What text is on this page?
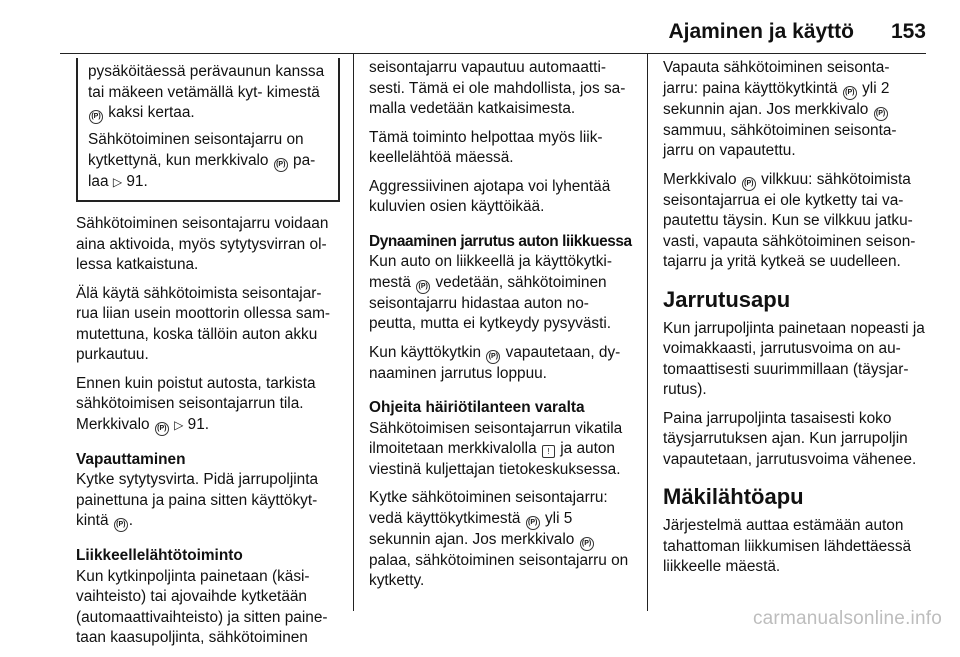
Ajaminen ja käyttö 153

pysäköitäessä perävaunun kanssa tai mäkeen vetämällä kyt- kimestä (P) kaksi kertaa.

Sähkötoiminen seisontajarru on kytkettynä, kun merkkivalo (P) pa- laa ▷ 91.

Sähkötoiminen seisontajarru voidaan aina aktivoida, myös sytytysvirran ol- lessa katkaistuna.

Älä käytä sähkötoimista seisontajar- rua liian usein moottorin ollessa sam- mutettuna, koska tällöin auton akku purkautuu.

Ennen kuin poistut autosta, tarkista sähkötoimisen seisontajarrun tila. Merkkivalo (P) ▷ 91.

Vapauttaminen

Kytke sytytysvirta. Pidä jarrupoljinta painettuna ja paina sitten käyttökyt- kintä (P) .

Liikkeellelähtötoiminto

Kun kytkinpoljinta painetaan (käsi- vaihteisto) tai ajovaihde kytketään (automaattivaihteisto) ja sitten paine- taan kaasupoljinta, sähkötoiminen

seisontajarru vapautuu automaatti- sesti. Tämä ei ole mahdollista, jos sa- malla vedetään katkaisimesta.

Tämä toiminto helpottaa myös liik- keellelähtöä mäessä.

Aggressiivinen ajotapa voi lyhentää kuluvien osien käyttöikää.

Dynaaminen jarrutus auton liikkuessa

Kun auto on liikkeellä ja käyttökytki- mestä (P) vedetään, sähkötoiminen seisontajarru hidastaa auton no- peutta, mutta ei kytkeydy pysyvästi.

Kun käyttökytkin (P) vapautetaan, dy- naaminen jarrutus loppuu.

Ohjeita häiriötilanteen varalta

Sähkötoimisen seisontajarrun vikatila ilmoitetaan merkkivalolla ! ja auton viestinä kuljettajan tietokeskuksessa.

Kytke sähkötoiminen seisontajarru: vedä käyttökytkimestä (P) yli 5 sekunnin ajan. Jos merkkivalo (P) palaa, sähkötoiminen seisontajarru on kytketty.

Vapauta sähkötoiminen seisonta- jarru: paina käyttökytkintä (P) yli 2 sekunnin ajan. Jos merkkivalo (P) sammuu, sähkötoiminen seisonta- jarru on vapautettu.

Merkkivalo (P) vilkkuu: sähkötoimista seisontajarrua ei ole kytketty tai va- pautettu täysin. Kun se vilkkuu jatku- vasti, vapauta sähkötoiminen seison- tajarru ja yritä kytkeä se uudelleen.

Jarrutusapu

Kun jarrupoljinta painetaan nopeasti ja voimakkaasti, jarrutusvoima on au- tomaattisesti suurimmillaan (täysjar- rutus).

Paina jarrupoljinta tasaisesti koko täysjarrutuksen ajan. Kun jarrupoljin vapautetaan, jarrutusvoima vähenee.

Mäkilähtöapu

Järjestelmä auttaa estämään auton tahattoman liikkumisen lähdettäessä liikkeelle mäestä.

carmanualsonline.info
